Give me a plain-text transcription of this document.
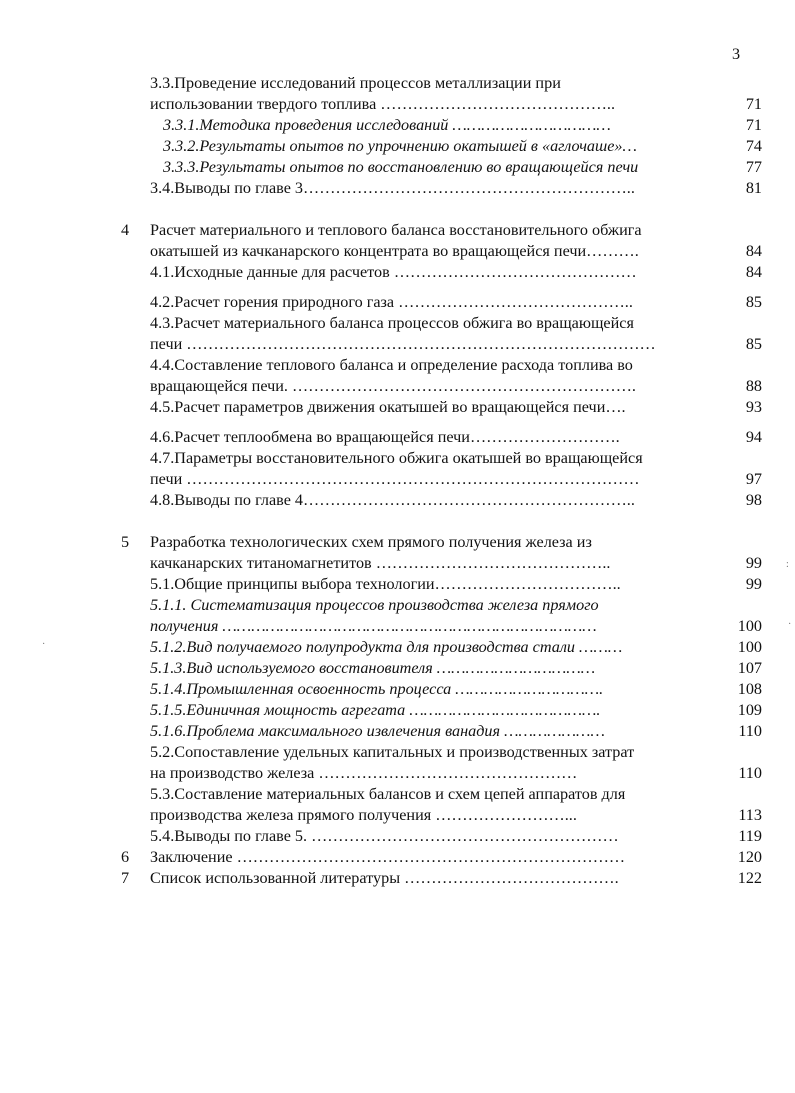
3
3.3.Проведение исследований процессов металлизации при
использовании твердого топлива ……………………………………..	71
3.3.1.Методика проведения исследований ……………………………	71
3.3.2.Результаты опытов по упрочнению окатышей в «аглочаше»…	74
3.3.3.Результаты опытов по восстановлению во вращающейся печи	77
3.4.Выводы по главе 3……………………………………………………..	81
4 Расчет материального и теплового баланса восстановительного обжига
окатышей из качканарского концентрата во вращающейся печи……….	84
4.1.Исходные данные для расчетов ………………………………………	84
4.2.Расчет горения природного газа ……………………………………..	85
4.3.Расчет материального баланса процессов обжига во вращающейся
печи ……………………………………………………………………………	85
4.4.Составление теплового баланса и определение расхода топлива во
вращающейся печи. ……………………………………………………….	88
4.5.Расчет параметров движения окатышей во вращающейся печи….	93
4.6.Расчет теплообмена во вращающейся печи……………………….	94
4.7.Параметры восстановительного обжига окатышей во вращающейся
печи …………………………………………………………………………	97
4.8.Выводы по главе 4……………………………………………………..	98
5 Разработка технологических схем прямого получения железа из
качканарских титаномагнетитов ……………………………………..	99
5.1.Общие принципы выбора технологии……………………………..	99
5.1.1. Систематизация процессов производства железа прямого
получения ……………………………………………………………………	100
5.1.2.Вид получаемого полупродукта для производства стали ………	100
5.1.3.Вид используемого восстановителя ……………………………	107
5.1.4.Промышленная освоенность процесса ………………………….	108
5.1.5.Единичная мощность агрегата ………………………………….	109
5.1.6.Проблема максимального извлечения ванадия …………………	110
5.2.Сопоставление удельных капитальных и производственных затрат
на производство железа …………………………………………	110
5.3.Составление материальных балансов и схем цепей аппаратов для
производства железа прямого получения ……………………...	113
5.4.Выводы по главе 5. …………………………………………………	119
6 Заключение ………………………………………………………………	120
7 Список использованной литературы ………………………………….	122
:
·
·
